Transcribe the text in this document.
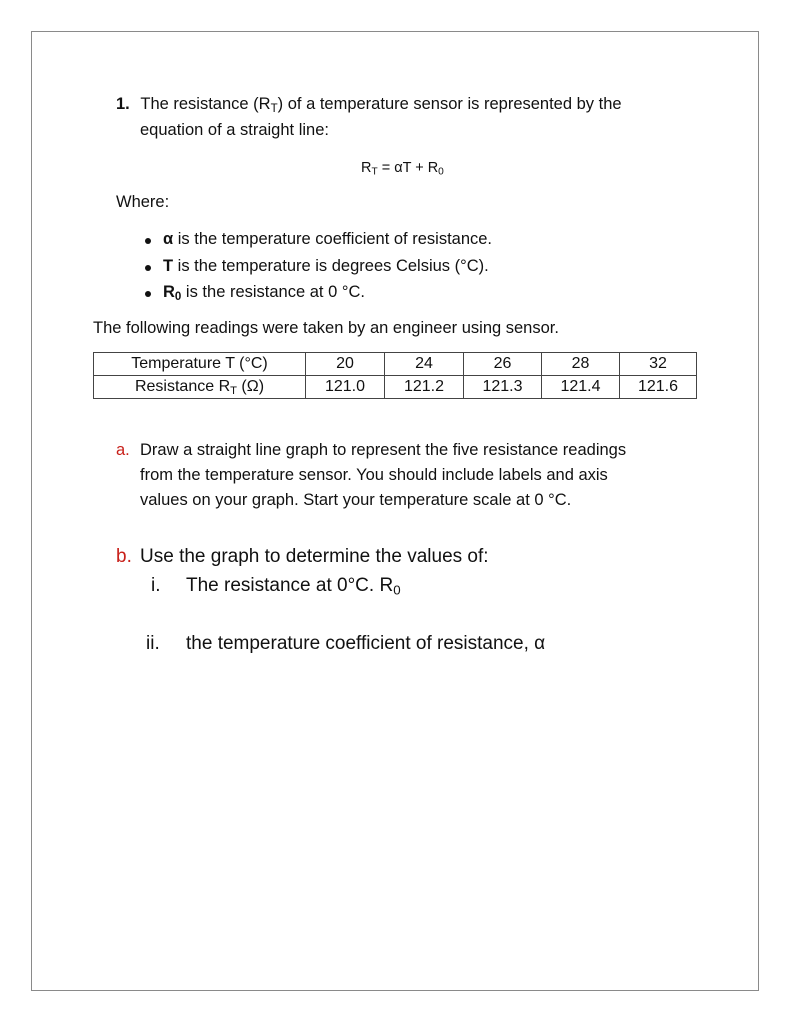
1. The resistance $(R_T)$ of a temperature sensor is represented by the
equation of a straight line:
$R_T = \alpha T + R_0$
Where:
α is the temperature coefficient of resistance.
T is the temperature is degrees Celsius (°C).
$R_0$ is the resistance at 0 °C.
The following readings were taken by an engineer using sensor.
Temperature T (°C)	20	24	26	28	32
Resistance $R_T$ (Ω)	121.0	121.2	121.3	121.4	121.6
a. Draw a straight line graph to represent the five resistance readings
from the temperature sensor. You should include labels and axis
values on your graph. Start your temperature scale at 0 °C.
b. Use the graph to determine the values of:
i. The resistance at 0°C. $R_0$
ii. the temperature coefficient of resistance, α
